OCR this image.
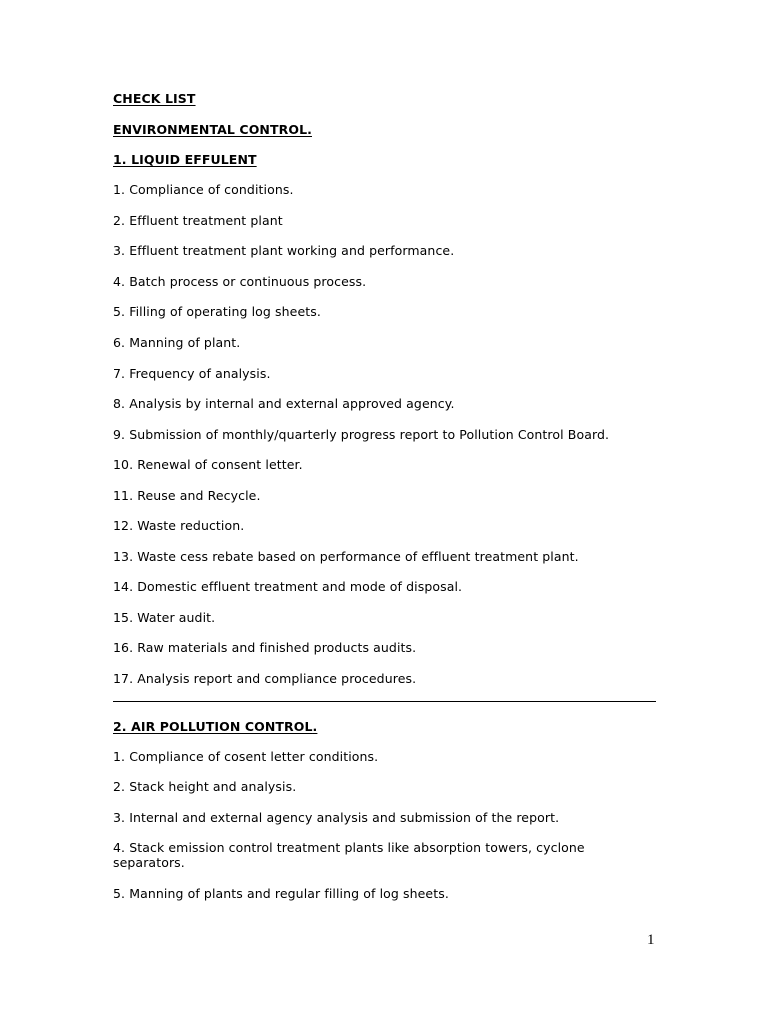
CHECK LIST
ENVIRONMENTAL CONTROL.
1. LIQUID EFFULENT
1. Compliance of conditions.
2. Effluent treatment plant
3. Effluent treatment plant working and performance.
4. Batch process or continuous process.
5. Filling of operating log sheets.
6. Manning of plant.
7. Frequency of analysis.
8. Analysis by internal and external approved agency.
9. Submission of monthly/quarterly progress report to Pollution Control Board.
10. Renewal of consent letter.
11. Reuse and Recycle.
12. Waste reduction.
13. Waste cess rebate based on performance of effluent treatment plant.
14. Domestic effluent treatment and mode of disposal.
15. Water audit.
16. Raw materials and finished products audits.
17. Analysis report and compliance procedures.
2. AIR POLLUTION CONTROL.
1. Compliance of cosent letter conditions.
2. Stack height and analysis.
3. Internal and external agency analysis and submission of the report.
4. Stack emission control treatment plants like absorption towers, cyclone separators.
5. Manning of plants and regular filling of log sheets.
1
